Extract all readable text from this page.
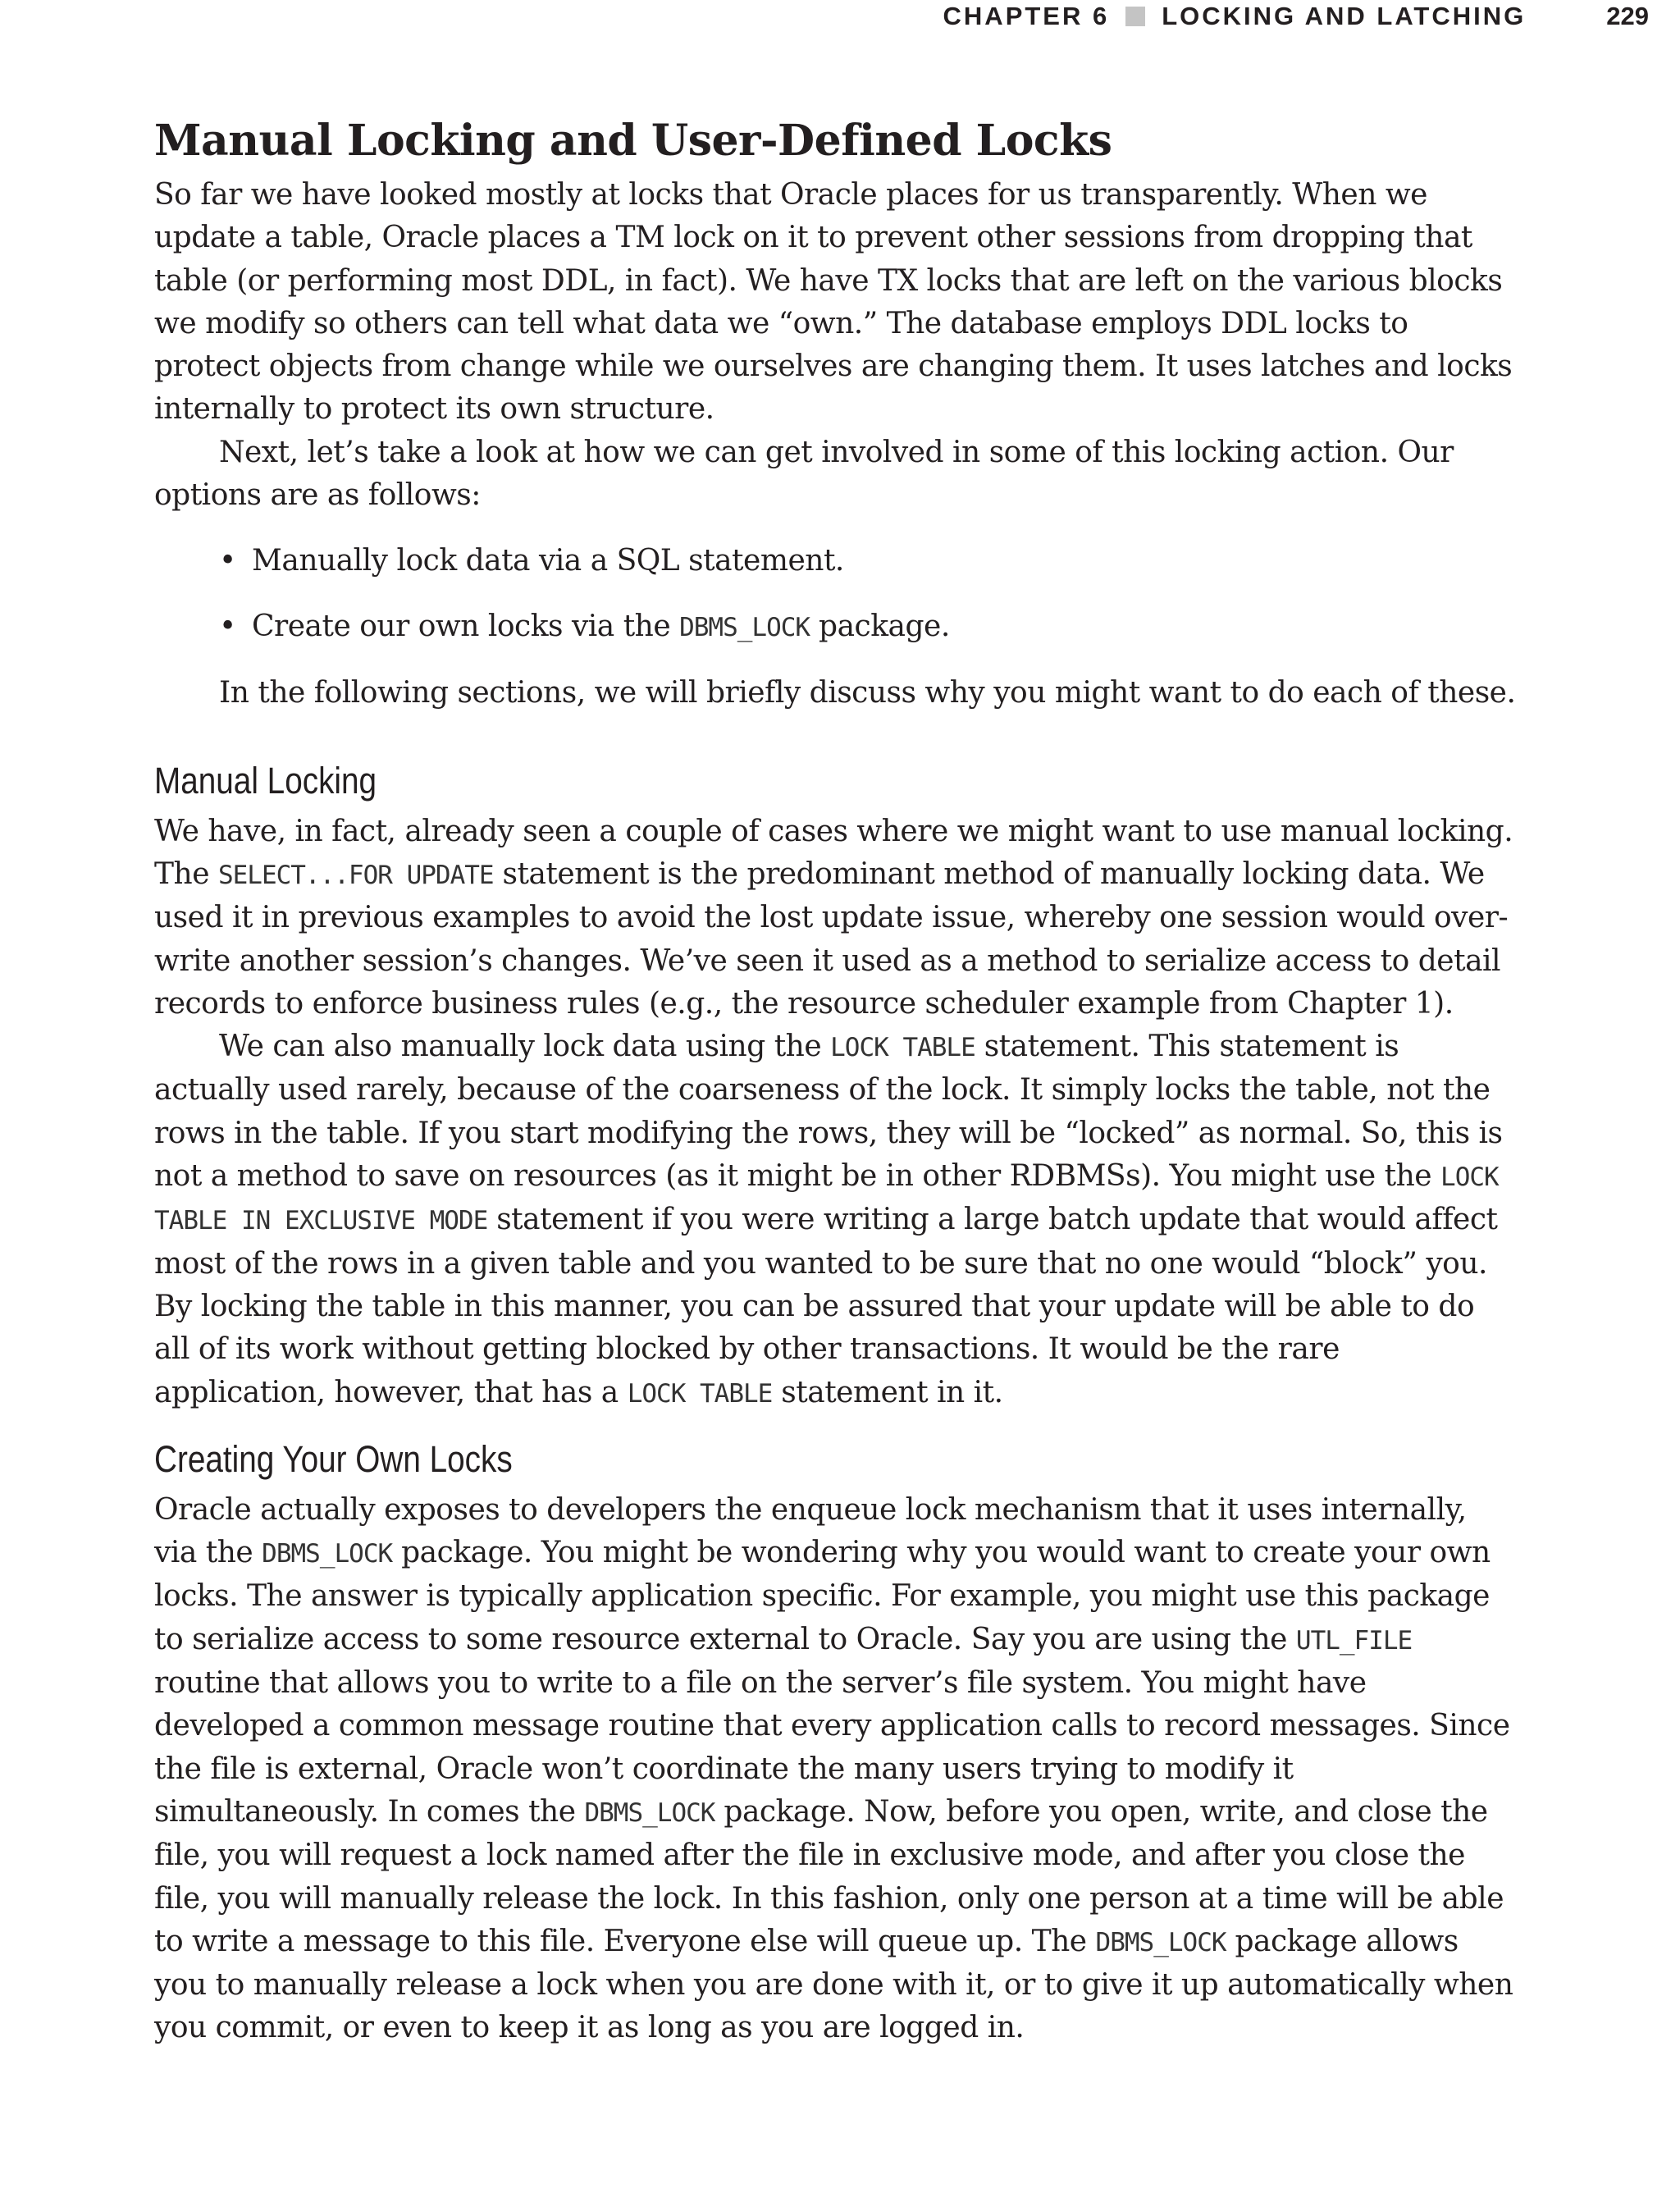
CHAPTER 6 LOCKING AND LATCHING	229
Manual Locking and User-Defined Locks

So far we have looked mostly at locks that Oracle places for us transparently. When we update a table, Oracle places a TM lock on it to prevent other sessions from dropping that table (or performing most DDL, in fact). We have TX locks that are left on the various blocks we modify so others can tell what data we “own.” The database employs DDL locks to protect objects from change while we ourselves are changing them. It uses latches and locks internally to protect its own structure.

Next, let’s take a look at how we can get involved in some of this locking action. Our options are as follows:

• Manually lock data via a SQL statement.
• Create our own locks via the DBMS_LOCK package.

In the following sections, we will briefly discuss why you might want to do each of these.

Manual Locking

We have, in fact, already seen a couple of cases where we might want to use manual locking. The SELECT...FOR UPDATE statement is the predominant method of manually locking data. We used it in previous examples to avoid the lost update issue, whereby one session would over-write another session’s changes. We’ve seen it used as a method to serialize access to detail records to enforce business rules (e.g., the resource scheduler example from Chapter 1).

We can also manually lock data using the LOCK TABLE statement. This statement is actually used rarely, because of the coarseness of the lock. It simply locks the table, not the rows in the table. If you start modifying the rows, they will be “locked” as normal. So, this is not a method to save on resources (as it might be in other RDBMSs). You might use the LOCK TABLE IN EXCLUSIVE MODE statement if you were writing a large batch update that would affect most of the rows in a given table and you wanted to be sure that no one would “block” you. By locking the table in this manner, you can be assured that your update will be able to do all of its work without getting blocked by other transactions. It would be the rare application, however, that has a LOCK TABLE statement in it.

Creating Your Own Locks

Oracle actually exposes to developers the enqueue lock mechanism that it uses internally, via the DBMS_LOCK package. You might be wondering why you would want to create your own locks. The answer is typically application specific. For example, you might use this package to serialize access to some resource external to Oracle. Say you are using the UTL_FILE routine that allows you to write to a file on the server’s file system. You might have developed a common message routine that every application calls to record messages. Since the file is external, Oracle won’t coordinate the many users trying to modify it simultaneously. In comes the DBMS_LOCK package. Now, before you open, write, and close the file, you will request a lock named after the file in exclusive mode, and after you close the file, you will manually release the lock. In this fashion, only one person at a time will be able to write a message to this file. Everyone else will queue up. The DBMS_LOCK package allows you to manually release a lock when you are done with it, or to give it up automatically when you commit, or even to keep it as long as you are logged in.
